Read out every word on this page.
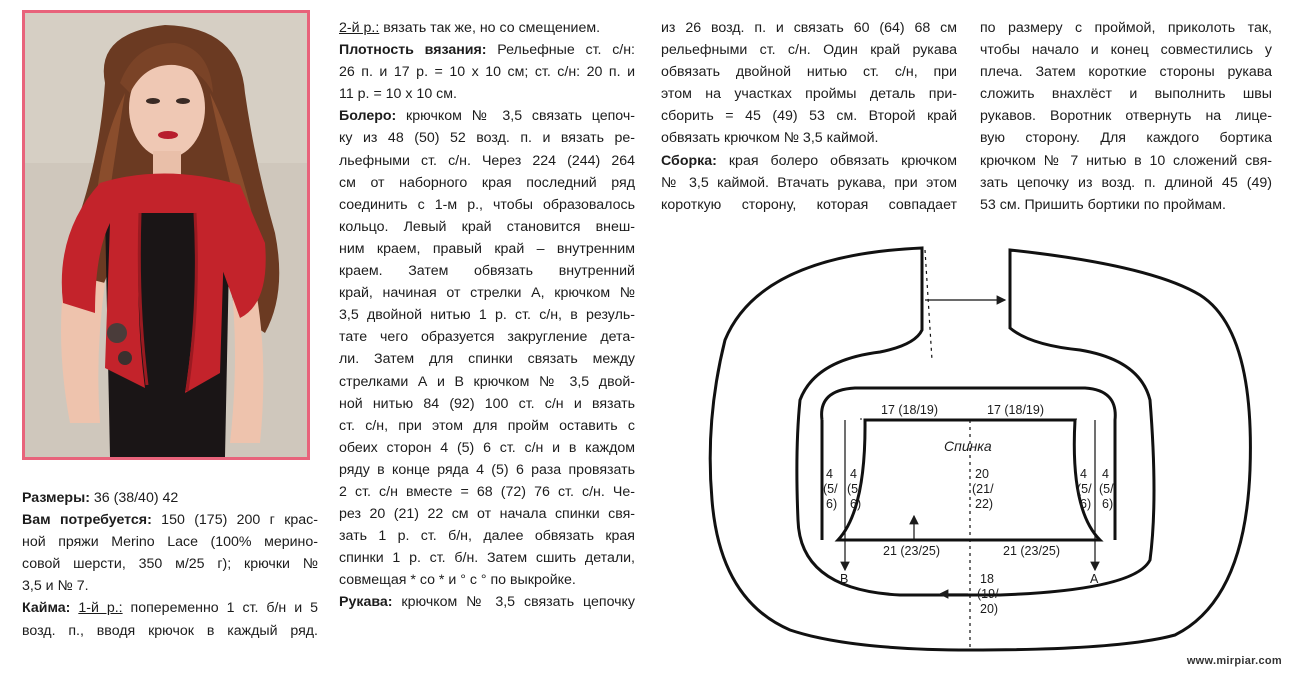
Размеры: 36 (38/40) 42
Вам потребуется: 150 (175) 200 г крас-
ной пряжи Merino Lace (100% мерино-
совой шерсти, 350 м/25 г); крючки №
3,5 и № 7.
Кайма: 1-й р.: попеременно 1 ст. б/н и 5
возд. п., вводя крючок в каждый ряд.
2-й р.: вязать так же, но со смещением.
Плотность вязания: Рельефные ст. с/н:
26 п. и 17 р. = 10 х 10 см; ст. с/н: 20 п. и
11 р. = 10 х 10 см.
Болеро: крючком № 3,5 связать цепоч-
ку из 48 (50) 52 возд. п. и вязать ре-
льефными ст. с/н. Через 224 (244) 264
см от наборного края последний ряд
соединить с 1-м р., чтобы образовалось
кольцо. Левый край становится внеш-
ним краем, правый край – внутренним
краем. Затем обвязать внутренний
край, начиная от стрелки А, крючком №
3,5 двойной нитью 1 р. ст. с/н, в резуль-
тате чего образуется закругление дета-
ли. Затем для спинки связать между
стрелками А и В крючком № 3,5 двой-
ной нитью 84 (92) 100 ст. с/н и вязать
ст. с/н, при этом для пройм оставить с
обеих сторон 4 (5) 6 ст. с/н и в каждом
ряду в конце ряда 4 (5) 6 раза провязать
2 ст. с/н вместе = 68 (72) 76 ст. с/н. Че-
рез 20 (21) 22 см от начала спинки свя-
зать 1 р. ст. б/н, далее обвязать края
спинки 1 р. ст. б/н. Затем сшить детали,
совмещая * со * и ° с ° по выкройке.
Рукава: крючком № 3,5 связать цепочку
из 26 возд. п. и связать 60 (64) 68 см
рельефными ст. с/н. Один край рукава
обвязать двойной нитью ст. с/н, при
этом на участках проймы деталь при-
сборить = 45 (49) 53 см. Второй край
обвязать крючком № 3,5 каймой.
Сборка: края болеро обвязать крючком
№ 3,5 каймой. Втачать рукава, при этом
короткую сторону, которая совпадает
по размеру с проймой, приколоть так,
чтобы начало и конец совместились у
плеча. Затем короткие стороны рукава
сложить внахлёст и выполнить швы
рукавов. Воротник отвернуть на лице-
вую сторону. Для каждого бортика
крючком № 7 нитью в 10 сложений свя-
зать цепочку из возд. п. длиной 45 (49)
53 см. Пришить бортики по проймам.
17 (18/19)	17 (18/19)
Спинка
20
(21/
22)
21 (23/25)	21 (23/25)
4
(5/
6)
4
(5/
6)
4
(5/
6)
4
(5/
6)
B	A
18
(19/
20)
www.mirpiar.com
